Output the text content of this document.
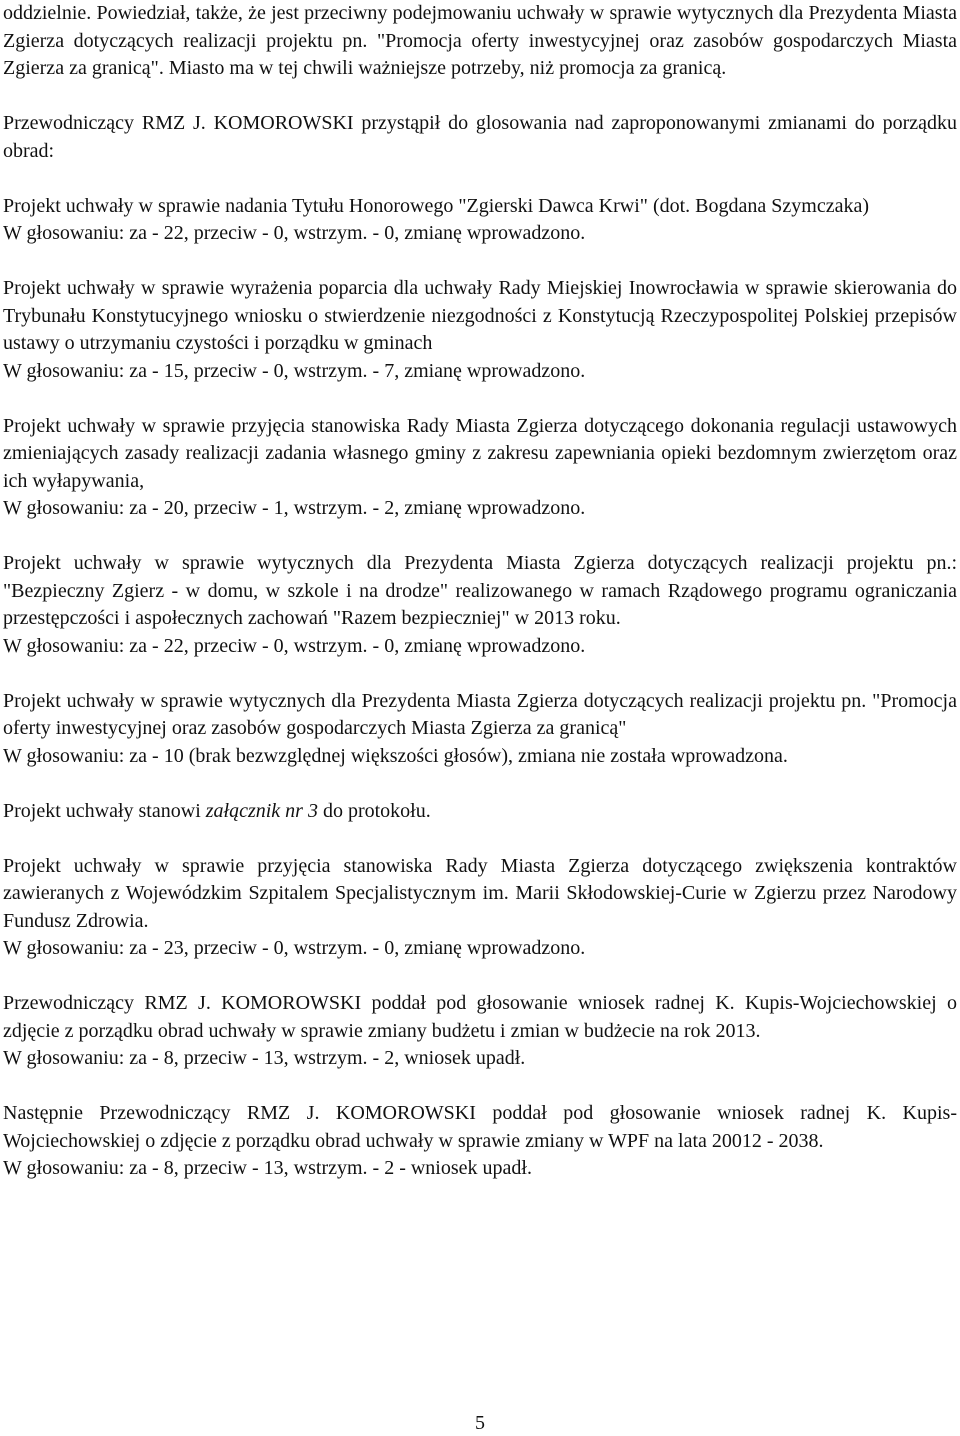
oddzielnie. Powiedział, także, że jest przeciwny podejmowaniu uchwały w sprawie wytycznych dla Prezydenta Miasta Zgierza dotyczących realizacji projektu pn. "Promocja oferty inwestycyjnej oraz zasobów gospodarczych Miasta Zgierza za granicą". Miasto ma w tej chwili ważniejsze potrzeby, niż promocja za granicą.

Przewodniczący RMZ J. KOMOROWSKI przystąpił do glosowania nad zaproponowanymi zmianami do porządku obrad:

Projekt uchwały w sprawie nadania Tytułu Honorowego "Zgierski Dawca Krwi" (dot. Bogdana Szymczaka)
W głosowaniu: za - 22, przeciw - 0, wstrzym. - 0, zmianę wprowadzono.

Projekt uchwały w sprawie wyrażenia poparcia dla uchwały Rady Miejskiej Inowrocławia w sprawie skierowania do Trybunału Konstytucyjnego wniosku o stwierdzenie niezgodności z Konstytucją Rzeczypospolitej Polskiej przepisów ustawy o utrzymaniu czystości i porządku w gminach
W głosowaniu: za - 15, przeciw - 0, wstrzym. - 7, zmianę wprowadzono.

Projekt uchwały w sprawie przyjęcia stanowiska Rady Miasta Zgierza dotyczącego dokonania regulacji ustawowych zmieniających zasady realizacji zadania własnego gminy z zakresu zapewniania opieki bezdomnym zwierzętom oraz ich wyłapywania,
W głosowaniu: za - 20, przeciw - 1, wstrzym. - 2, zmianę wprowadzono.

Projekt uchwały w sprawie wytycznych dla Prezydenta Miasta Zgierza dotyczących realizacji projektu pn.: "Bezpieczny Zgierz - w domu, w szkole i na drodze" realizowanego w ramach Rządowego programu ograniczania przestępczości i aspołecznych zachowań "Razem bezpieczniej" w 2013 roku.
W głosowaniu: za - 22, przeciw - 0, wstrzym. - 0, zmianę wprowadzono.

Projekt uchwały w sprawie wytycznych dla Prezydenta Miasta Zgierza dotyczących realizacji projektu pn. "Promocja oferty inwestycyjnej oraz zasobów gospodarczych Miasta Zgierza za granicą"
W głosowaniu: za - 10 (brak bezwzględnej większości głosów), zmiana nie została wprowadzona.

Projekt uchwały stanowi załącznik nr 3 do protokołu.

Projekt uchwały w sprawie przyjęcia stanowiska Rady Miasta Zgierza dotyczącego zwiększenia kontraktów zawieranych z Wojewódzkim Szpitalem Specjalistycznym im. Marii Skłodowskiej-Curie w Zgierzu przez Narodowy Fundusz Zdrowia.
W głosowaniu: za - 23, przeciw - 0, wstrzym. - 0, zmianę wprowadzono.

Przewodniczący RMZ J. KOMOROWSKI poddał pod głosowanie wniosek radnej K. Kupis-Wojciechowskiej o zdjęcie z porządku obrad uchwały w sprawie zmiany budżetu i zmian w budżecie na rok 2013.
W głosowaniu: za - 8, przeciw - 13, wstrzym. - 2, wniosek upadł.

Następnie Przewodniczący RMZ J. KOMOROWSKI poddał pod głosowanie wniosek radnej K. Kupis-Wojciechowskiej o zdjęcie z porządku obrad uchwały w sprawie zmiany w WPF na lata 20012 - 2038.
W głosowaniu: za - 8, przeciw - 13, wstrzym. - 2 - wniosek upadł.

5
